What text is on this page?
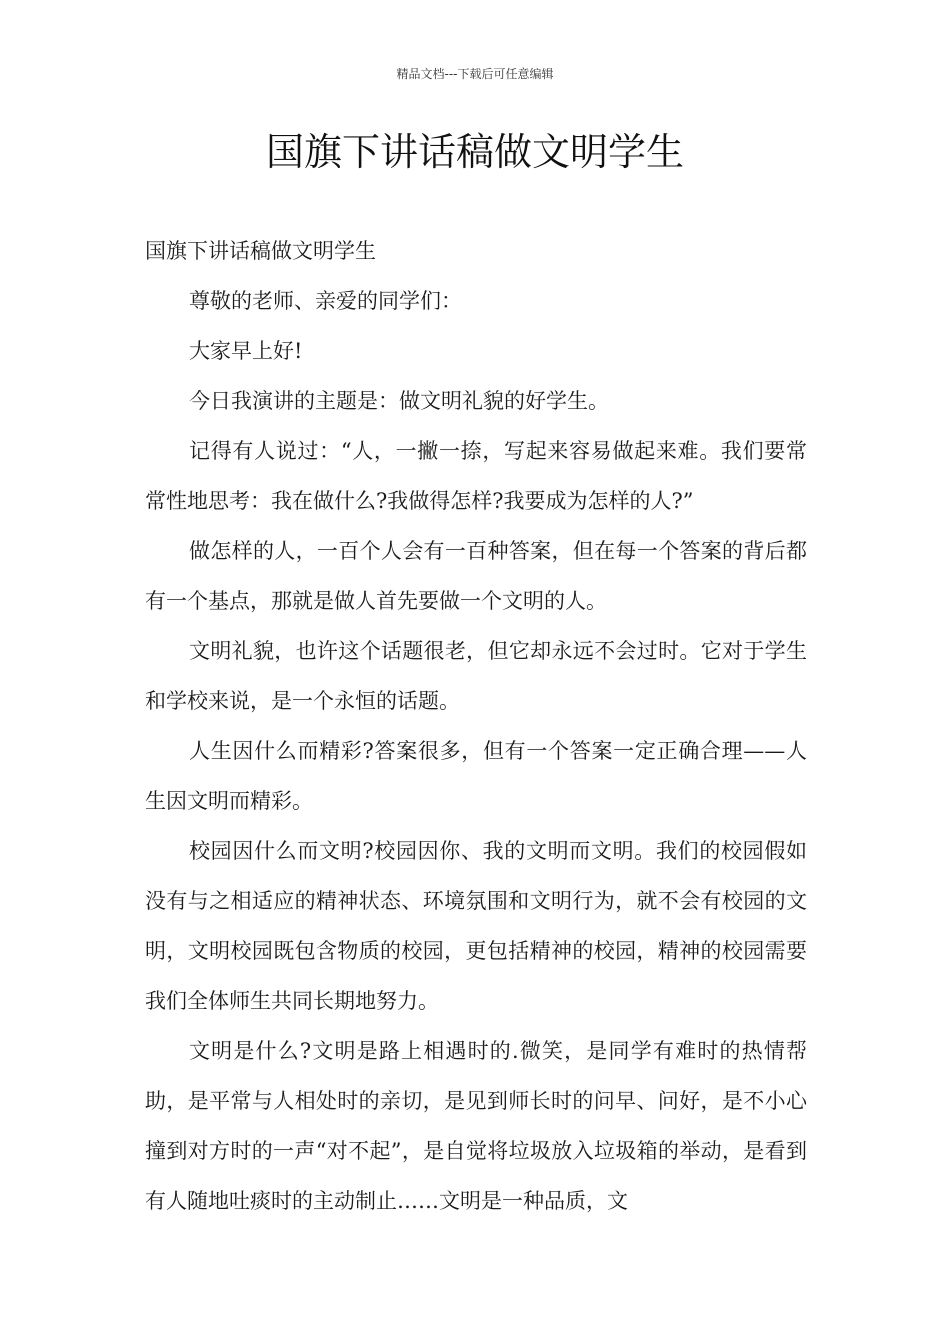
精品文档---下载后可任意编辑
国旗下讲话稿做文明学生

国旗下讲话稿做文明学生

尊敬的老师、亲爱的同学们：

大家早上好!

今日我演讲的主题是：做文明礼貌的好学生。

记得有人说过：“人，一撇一捺，写起来容易做起来难。我们要常常性地思考：我在做什么?我做得怎样?我要成为怎样的人?”

做怎样的人，一百个人会有一百种答案，但在每一个答案的背后都有一个基点，那就是做人首先要做一个文明的人。

文明礼貌，也许这个话题很老，但它却永远不会过时。它对于学生和学校来说，是一个永恒的话题。

人生因什么而精彩?答案很多，但有一个答案一定正确合理——人生因文明而精彩。

校园因什么而文明?校园因你、我的文明而文明。我们的校园假如没有与之相适应的精神状态、环境氛围和文明行为，就不会有校园的文明，文明校园既包含物质的校园，更包括精神的校园，精神的校园需要我们全体师生共同长期地努力。

文明是什么?文明是路上相遇时的.微笑，是同学有难时的热情帮助，是平常与人相处时的亲切，是见到师长时的问早、问好，是不小心撞到对方时的一声“对不起”，是自觉将垃圾放入垃圾箱的举动，是看到有人随地吐痰时的主动制止……文明是一种品质，文
